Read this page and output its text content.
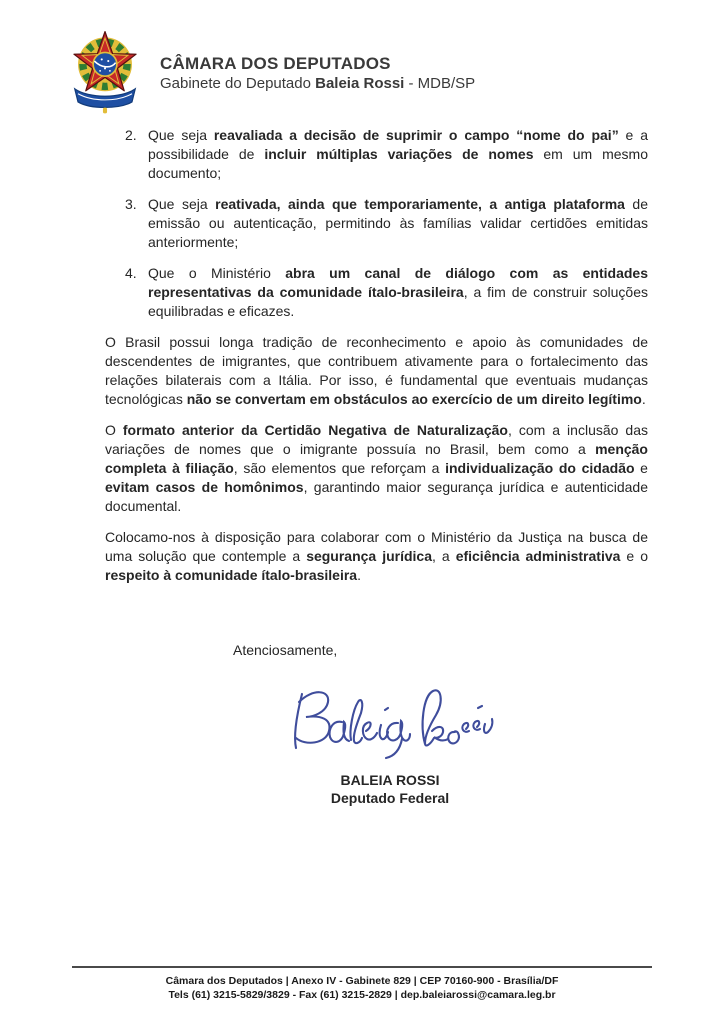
CÂMARA DOS DEPUTADOS
Gabinete do Deputado Baleia Rossi - MDB/SP
2. Que seja reavaliada a decisão de suprimir o campo “nome do pai” e a possibilidade de incluir múltiplas variações de nomes em um mesmo documento;
3. Que seja reativada, ainda que temporariamente, a antiga plataforma de emissão ou autenticação, permitindo às famílias validar certidões emitidas anteriormente;
4. Que o Ministério abra um canal de diálogo com as entidades representativas da comunidade ítalo-brasileira, a fim de construir soluções equilibradas e eficazes.

O Brasil possui longa tradição de reconhecimento e apoio às comunidades de descendentes de imigrantes, que contribuem ativamente para o fortalecimento das relações bilaterais com a Itália. Por isso, é fundamental que eventuais mudanças tecnológicas não se convertam em obstáculos ao exercício de um direito legítimo.

O formato anterior da Certidão Negativa de Naturalização, com a inclusão das variações de nomes que o imigrante possuía no Brasil, bem como a menção completa à filiação, são elementos que reforçam a individualização do cidadão e evitam casos de homônimos, garantindo maior segurança jurídica e autenticidade documental.

Colocamo-nos à disposição para colaborar com o Ministério da Justiça na busca de uma solução que contemple a segurança jurídica, a eficiência administrativa e o respeito à comunidade ítalo-brasileira.

Atenciosamente,

BALEIA ROSSI
Deputado Federal
Câmara dos Deputados | Anexo IV - Gabinete 829 | CEP 70160-900 - Brasília/DF
Tels (61) 3215-5829/3829 - Fax (61) 3215-2829 | dep.baleiarossi@camara.leg.br
